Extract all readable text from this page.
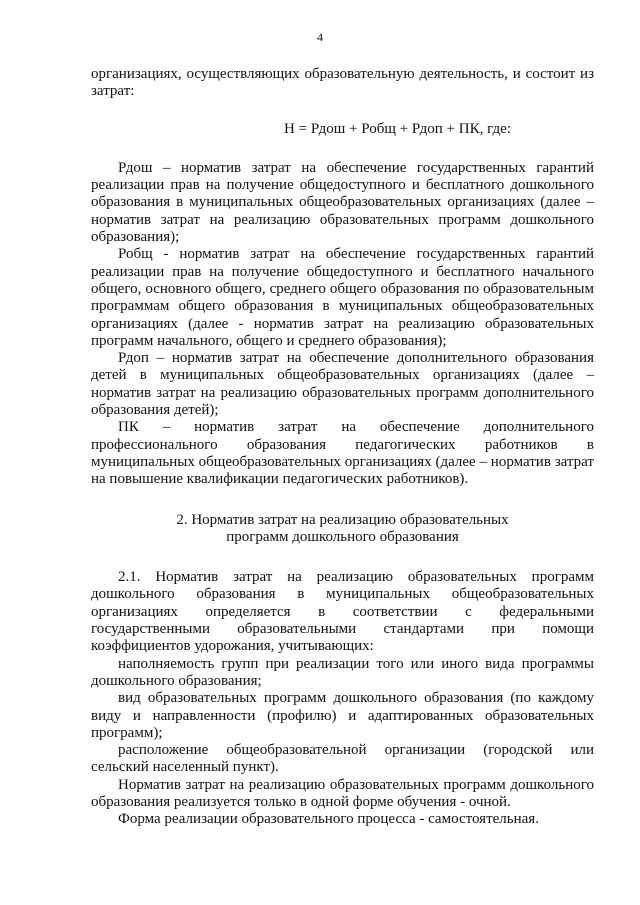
4

организациях, осуществляющих образовательную деятельность, и состоит из затрат:

Н = Рдош + Робщ + Рдоп + ПК, где:

Рдош – норматив затрат на обеспечение государственных гарантий реализации прав на получение общедоступного и бесплатного дошкольного образования в муниципальных общеобразовательных организациях (далее – норматив затрат на реализацию образовательных программ дошкольного образования);

Робщ - норматив затрат на обеспечение государственных гарантий реализации прав на получение общедоступного и бесплатного начального общего, основного общего, среднего общего образования по образовательным программам общего образования в муниципальных общеобразовательных организациях (далее - норматив затрат на реализацию образовательных программ начального, общего и среднего образования);

Рдоп – норматив затрат на обеспечение дополнительного образования детей в муниципальных общеобразовательных организациях (далее – норматив затрат на реализацию образовательных программ дополнительного образования детей);

ПК – норматив затрат на обеспечение дополнительного профессионального образования педагогических работников в муниципальных общеобразовательных организациях (далее – норматив затрат на повышение квалификации педагогических работников).

2. Норматив затрат на реализацию образовательных
программ дошкольного образования

2.1. Норматив затрат на реализацию образовательных программ дошкольного образования в муниципальных общеобразовательных организациях определяется в соответствии с федеральными государственными образовательными стандартами при помощи коэффициентов удорожания, учитывающих:

наполняемость групп при реализации того или иного вида программы дошкольного образования;

вид образовательных программ дошкольного образования (по каждому виду и направленности (профилю) и адаптированных образовательных программ);

расположение общеобразовательной организации (городской или сельский населенный пункт).

Норматив затрат на реализацию образовательных программ дошкольного образования реализуется только в одной форме обучения - очной.

Форма реализации образовательного процесса - самостоятельная.
